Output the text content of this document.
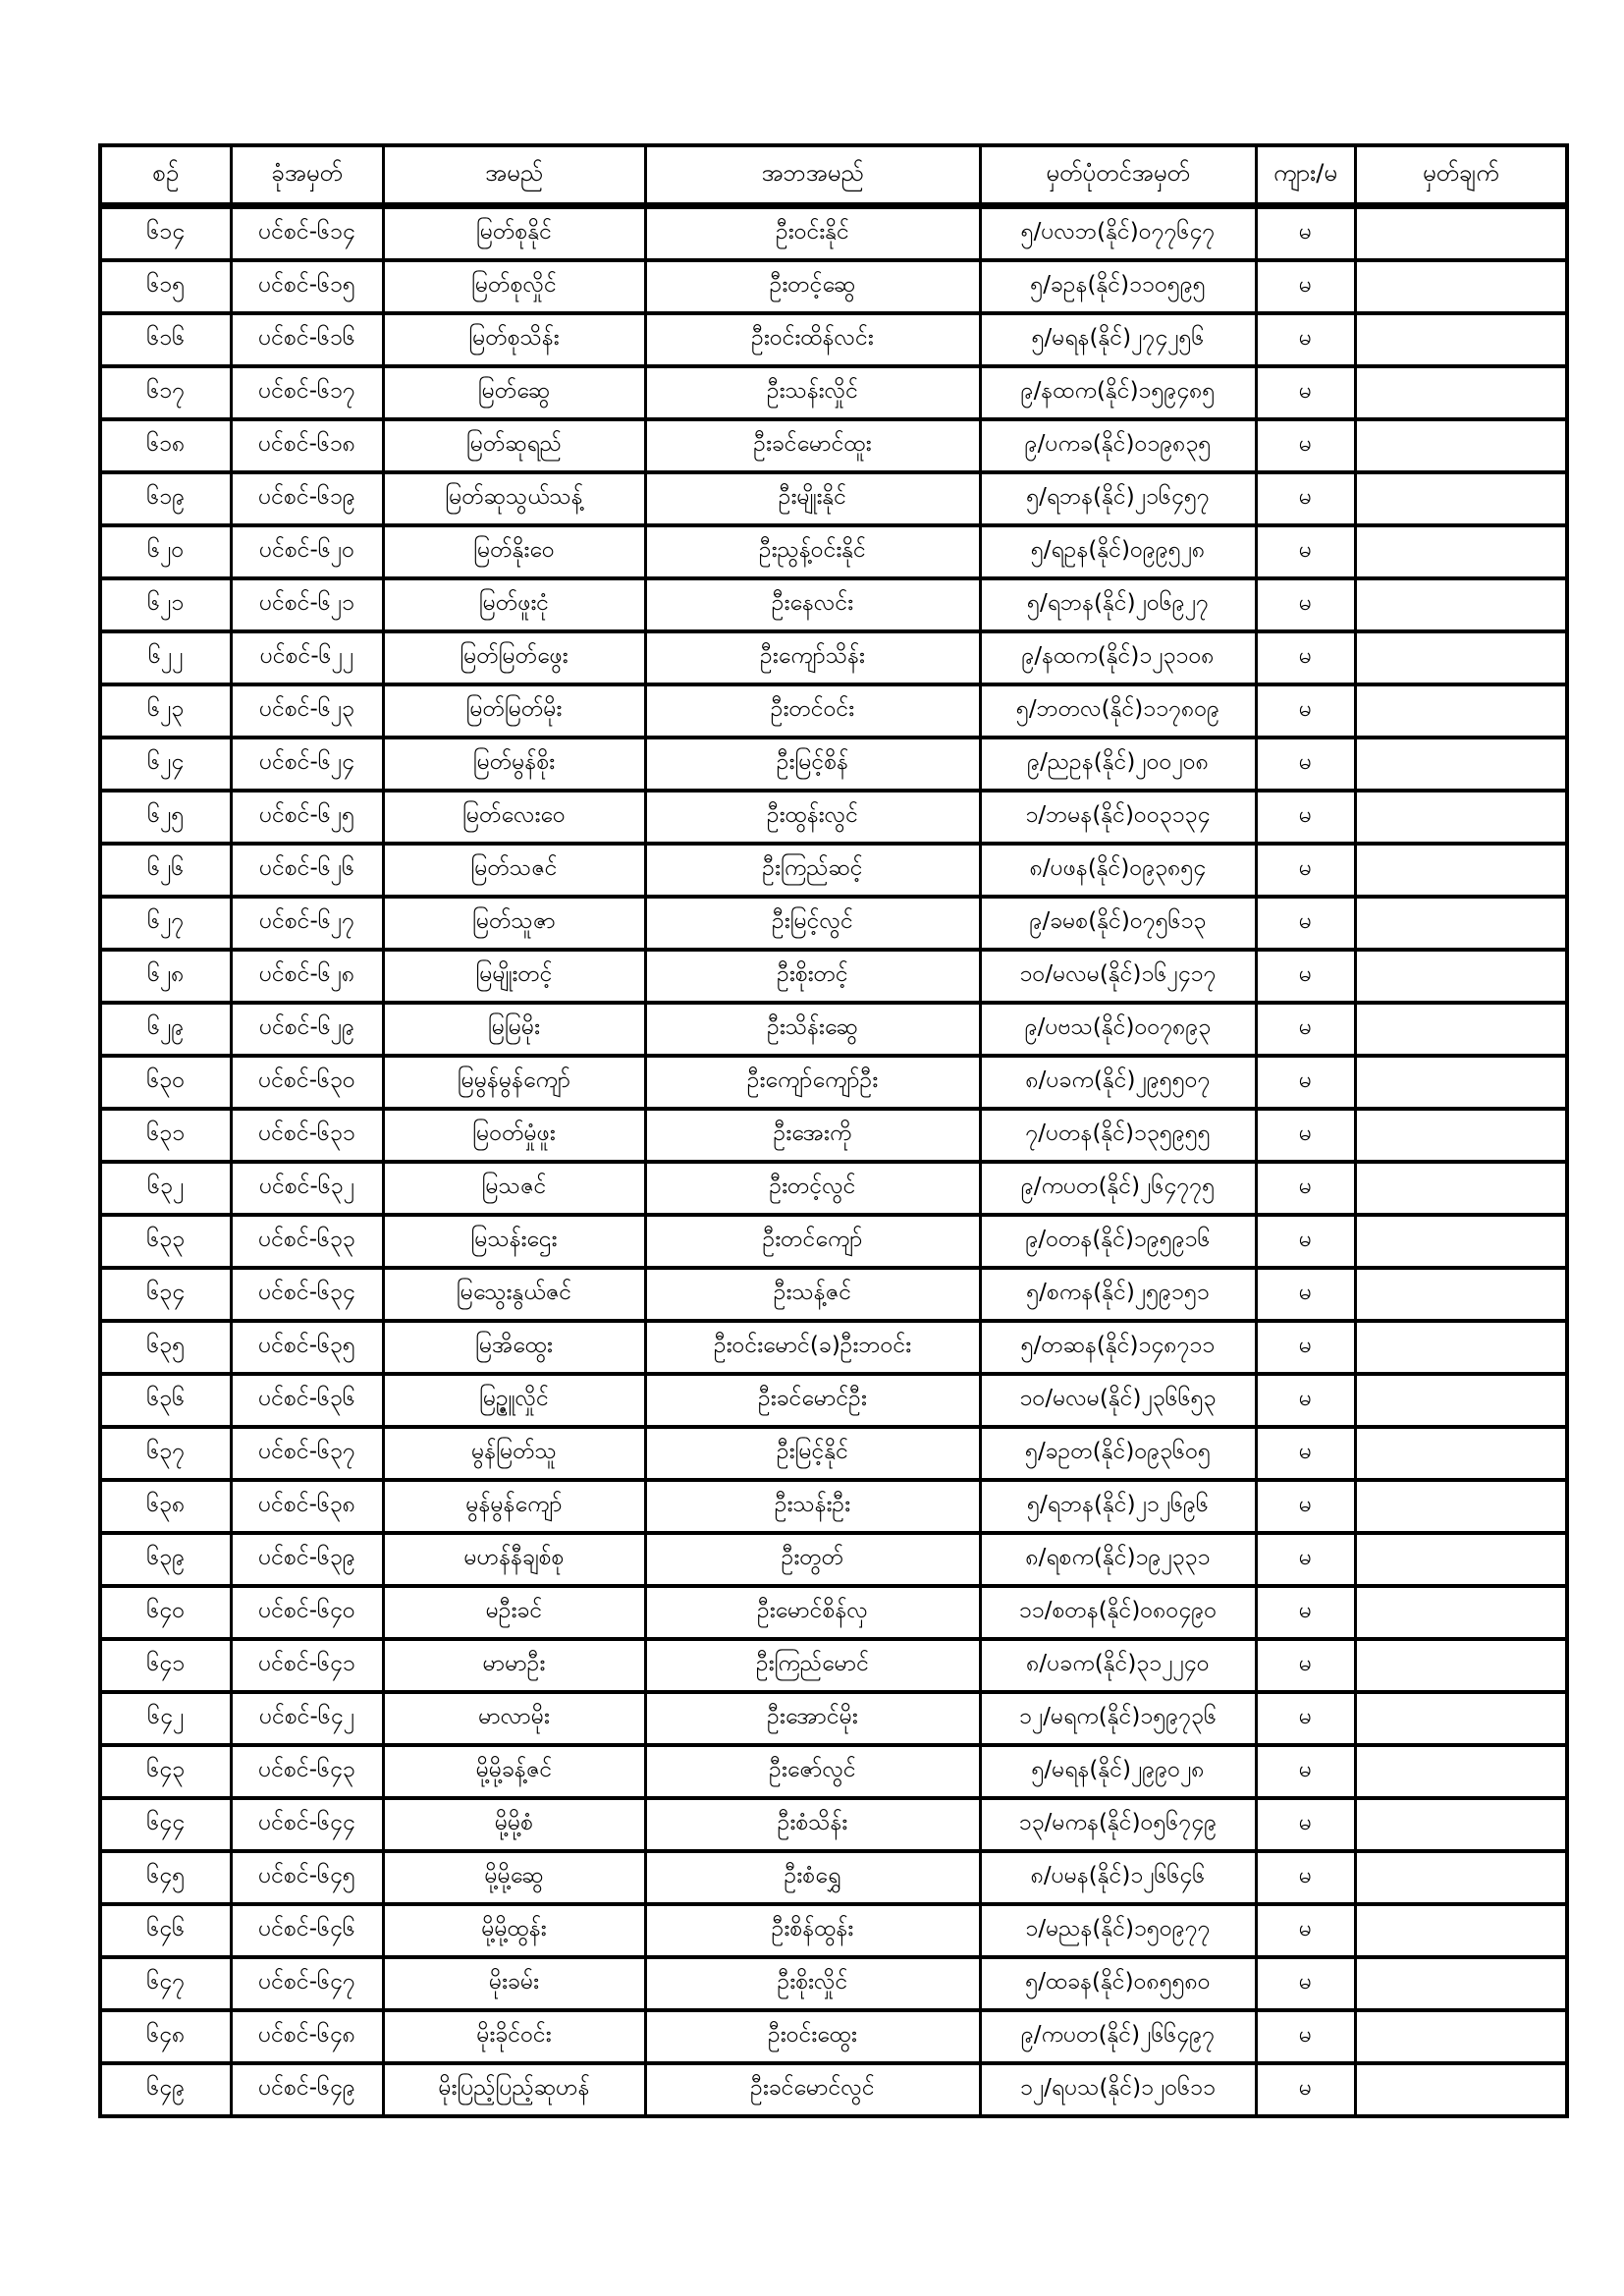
စဉ်	ခုံအမှတ်	အမည်	အဘအမည်	မှတ်ပုံတင်အမှတ်	ကျား/မ	မှတ်ချက်
၆၁၄	ပင်စင်-၆၁၄	မြတ်စုနိုင်	ဦးဝင်းနိုင်	၅/ပလဘ(နိုင်)၀၇၇၆၄၇	မ	
၆၁၅	ပင်စင်-၆၁၅	မြတ်စုလှိုင်	ဦးတင့်ဆွေ	၅/ခဥန(နိုင်)၁၁၀၅၉၅	မ	
၆၁၆	ပင်စင်-၆၁၆	မြတ်စုသိန်း	ဦးဝင်းထိန်လင်း	၅/မရန(နိုင်)၂၇၄၂၅၆	မ	
၆၁၇	ပင်စင်-၆၁၇	မြတ်ဆွေ	ဦးသန်းလှိုင်	၉/နထက(နိုင်)၁၅၉၄၈၅	မ	
၆၁၈	ပင်စင်-၆၁၈	မြတ်ဆုရည်	ဦးခင်မောင်ထူး	၉/ပကခ(နိုင်)၀၁၉၈၃၅	မ	
၆၁၉	ပင်စင်-၆၁၉	မြတ်ဆုသွယ်သန့်	ဦးမျိုးနိုင်	၅/ရဘန(နိုင်)၂၁၆၄၅၇	မ	
၆၂၀	ပင်စင်-၆၂၀	မြတ်နိုးဝေ	ဦးညွန့်ဝင်းနိုင်	၅/ရဥန(နိုင်)၀၉၉၅၂၈	မ	
၆၂၁	ပင်စင်-၆၂၁	မြတ်ဖူးငုံ	ဦးနေလင်း	၅/ရဘန(နိုင်)၂၀၆၉၂၇	မ	
၆၂၂	ပင်စင်-၆၂၂	မြတ်မြတ်ဖွေး	ဦးကျော်သိန်း	၉/နထက(နိုင်)၁၂၃၁၀၈	မ	
၆၂၃	ပင်စင်-၆၂၃	မြတ်မြတ်မိုး	ဦးတင်ဝင်း	၅/ဘတလ(နိုင်)၁၁၇၈၀၉	မ	
၆၂၄	ပင်စင်-၆၂၄	မြတ်မွန်စိုး	ဦးမြင့်စိန်	၉/ညဥန(နိုင်)၂၀၀၂၀၈	မ	
၆၂၅	ပင်စင်-၆၂၅	မြတ်လေးဝေ	ဦးထွန်းလွင်	၁/ဘမန(နိုင်)၀၀၃၁၃၄	မ	
၆၂၆	ပင်စင်-၆၂၆	မြတ်သဇင်	ဦးကြည်ဆင့်	၈/ပဖန(နိုင်)၀၉၃၈၅၄	မ	
၆၂၇	ပင်စင်-၆၂၇	မြတ်သူဇာ	ဦးမြင့်လွင်	၉/ခမစ(နိုင်)၀၇၅၆၁၃	မ	
၆၂၈	ပင်စင်-၆၂၈	မြမျိုးတင့်	ဦးစိုးတင့်	၁၀/မလမ(နိုင်)၁၆၂၄၁၇	မ	
၆၂၉	ပင်စင်-၆၂၉	မြမြမိုး	ဦးသိန်းဆွေ	၉/ပဗသ(နိုင်)၀၀၇၈၉၃	မ	
၆၃၀	ပင်စင်-၆၃၀	မြမွန်မွန်ကျော်	ဦးကျော်ကျော်ဦး	၈/ပခက(နိုင်)၂၉၅၅၀၇	မ	
၆၃၁	ပင်စင်-၆၃၁	မြဝတ်မှုံဖူး	ဦးအေးကို	၇/ပတန(နိုင်)၁၃၅၉၅၅	မ	
၆၃၂	ပင်စင်-၆၃၂	မြသဇင်	ဦးတင့်လွင်	၉/ကပတ(နိုင်)၂၆၄၇၇၅	မ	
၆၃၃	ပင်စင်-၆၃၃	မြသန်းဌေး	ဦးတင်ကျော်	၉/ဝတန(နိုင်)၁၉၅၉၁၆	မ	
၆၃၄	ပင်စင်-၆၃၄	မြသွေးနွယ်ဇင်	ဦးသန့်ဇင်	၅/စကန(နိုင်)၂၅၉၁၅၁	မ	
၆၃၅	ပင်စင်-၆၃၅	မြအိထွေး	ဦးဝင်းမောင်(ခ)ဦးဘဝင်း	၅/တဆန(နိုင်)၁၄၈၇၁၁	မ	
၆၃၆	ပင်စင်-၆၃၆	မြဥ္ဇူလှိုင်	ဦးခင်မောင်ဦး	၁၀/မလမ(နိုင်)၂၃၆၆၅၃	မ	
၆၃၇	ပင်စင်-၆၃၇	မွန်မြတ်သူ	ဦးမြင့်နိုင်	၅/ခဥတ(နိုင်)၀၉၃၆၀၅	မ	
၆၃၈	ပင်စင်-၆၃၈	မွန်မွန်ကျော်	ဦးသန်းဦး	၅/ရဘန(နိုင်)၂၁၂၆၉၆	မ	
၆၃၉	ပင်စင်-၆၃၉	မဟန်နီချစ်စု	ဦးတွတ်	၈/ရစက(နိုင်)၁၉၂၃၃၁	မ	
၆၄၀	ပင်စင်-၆၄၀	မဦးခင်	ဦးမောင်စိန်လှ	၁၁/စတန(နိုင်)၀၈၀၄၉၀	မ	
၆၄၁	ပင်စင်-၆၄၁	မာမာဦး	ဦးကြည်မောင်	၈/ပခက(နိုင်)၃၁၂၂၄၀	မ	
၆၄၂	ပင်စင်-၆၄၂	မာလာမိုး	ဦးအောင်မိုး	၁၂/မရက(နိုင်)၁၅၉၇၃၆	မ	
၆၄၃	ပင်စင်-၆၄၃	မို့မို့ခန့်ဇင်	ဦးဇော်လွင်	၅/မရန(နိုင်)၂၉၉၀၂၈	မ	
၆၄၄	ပင်စင်-၆၄၄	မို့မို့စံ	ဦးစံသိန်း	၁၃/မကန(နိုင်)၀၅၆၇၄၉	မ	
၆၄၅	ပင်စင်-၆၄၅	မို့မို့ဆွေ	ဦးစံရွှေ	၈/ပမန(နိုင်)၁၂၆၆၄၆	မ	
၆၄၆	ပင်စင်-၆၄၆	မို့မို့ထွန်း	ဦးစိန်ထွန်း	၁/မညန(နိုင်)၁၅၀၉၇၇	မ	
၆၄၇	ပင်စင်-၆၄၇	မိုးခမ်း	ဦးစိုးလှိုင်	၅/ထခန(နိုင်)၀၈၅၅၈၀	မ	
၆၄၈	ပင်စင်-၆၄၈	မိုးခိုင်ဝင်း	ဦးဝင်းထွေး	၉/ကပတ(နိုင်)၂၆၆၄၉၇	မ	
၆၄၉	ပင်စင်-၆၄၉	မိုးပြည့်ပြည့်ဆုဟန်	ဦးခင်မောင်လွင်	၁၂/ရပသ(နိုင်)၁၂၀၆၁၁	မ	
